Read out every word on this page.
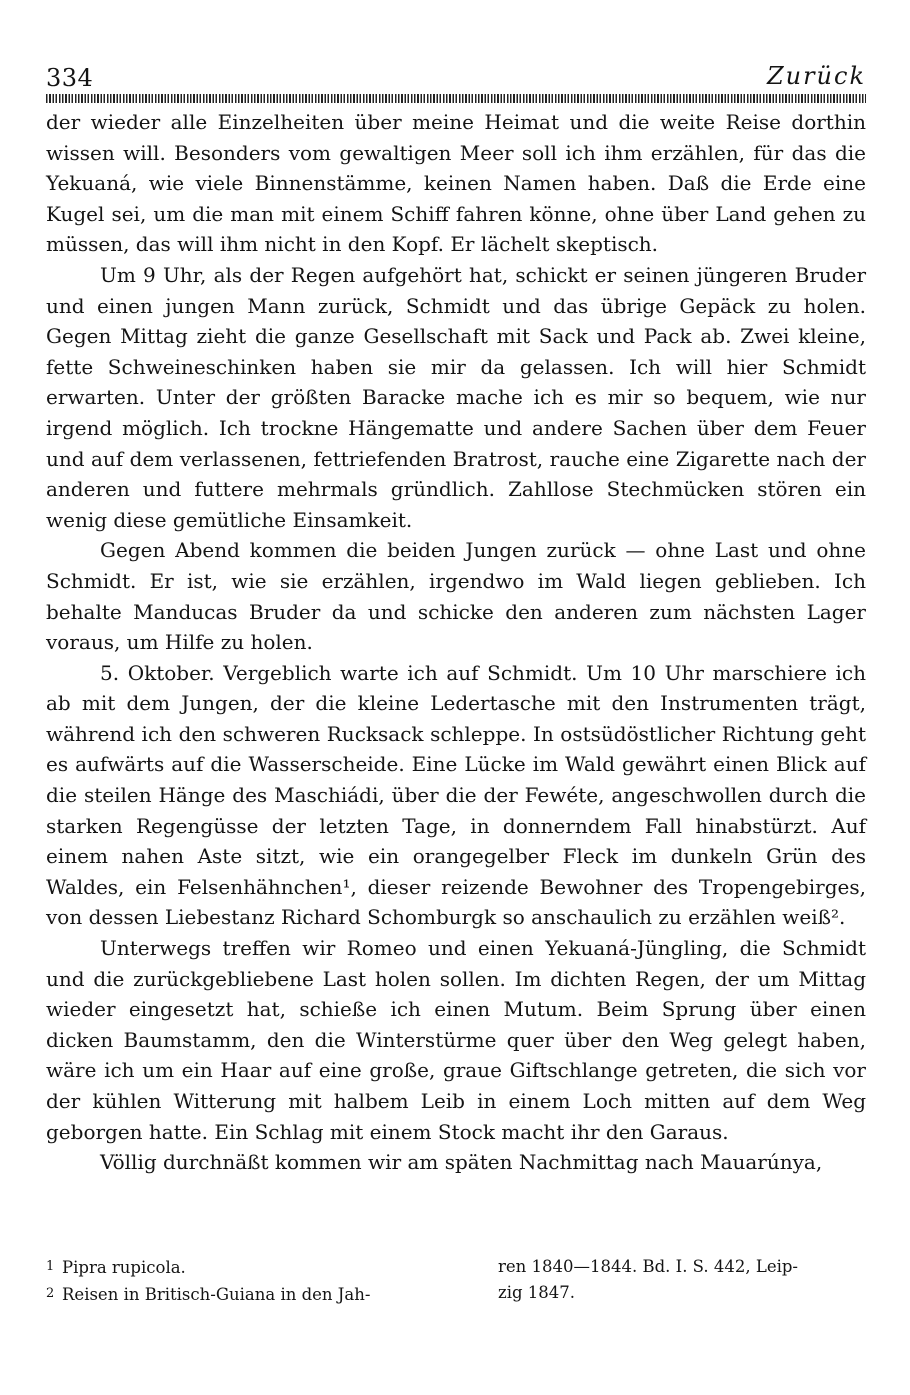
334	Zurück

der wieder alle Einzelheiten über meine Heimat und die weite Reise dorthin wissen will. Besonders vom gewaltigen Meer soll ich ihm erzählen, für das die Yekuaná, wie viele Binnenstämme, keinen Namen haben. Daß die Erde eine Kugel sei, um die man mit einem Schiff fahren könne, ohne über Land gehen zu müssen, das will ihm nicht in den Kopf. Er lächelt skeptisch.

Um 9 Uhr, als der Regen aufgehört hat, schickt er seinen jüngeren Bruder und einen jungen Mann zurück, Schmidt und das übrige Gepäck zu holen. Gegen Mittag zieht die ganze Gesellschaft mit Sack und Pack ab. Zwei kleine, fette Schweineschinken haben sie mir da gelassen. Ich will hier Schmidt erwarten. Unter der größten Baracke mache ich es mir so bequem, wie nur irgend möglich. Ich trockne Hängematte und andere Sachen über dem Feuer und auf dem verlassenen, fettriefenden Bratrost, rauche eine Zigarette nach der anderen und futtere mehrmals gründlich. Zahllose Stechmücken stören ein wenig diese gemütliche Einsamkeit.

Gegen Abend kommen die beiden Jungen zurück — ohne Last und ohne Schmidt. Er ist, wie sie erzählen, irgendwo im Wald liegen geblieben. Ich behalte Manducas Bruder da und schicke den anderen zum nächsten Lager voraus, um Hilfe zu holen.

5. Oktober. Vergeblich warte ich auf Schmidt. Um 10 Uhr marschiere ich ab mit dem Jungen, der die kleine Ledertasche mit den Instrumenten trägt, während ich den schweren Rucksack schleppe. In ostsüdöstlicher Richtung geht es aufwärts auf die Wasserscheide. Eine Lücke im Wald gewährt einen Blick auf die steilen Hänge des Maschiádi, über die der Fewéte, angeschwollen durch die starken Regengüsse der letzten Tage, in donnerndem Fall hinabstürzt. Auf einem nahen Aste sitzt, wie ein orangegelber Fleck im dunkeln Grün des Waldes, ein Felsenhähnchen¹, dieser reizende Bewohner des Tropengebirges, von dessen Liebestanz Richard Schomburgk so anschaulich zu erzählen weiß².

Unterwegs treffen wir Romeo und einen Yekuaná-Jüngling, die Schmidt und die zurückgebliebene Last holen sollen. Im dichten Regen, der um Mittag wieder eingesetzt hat, schieße ich einen Mutum. Beim Sprung über einen dicken Baumstamm, den die Winterstürme quer über den Weg gelegt haben, wäre ich um ein Haar auf eine große, graue Giftschlange getreten, die sich vor der kühlen Witterung mit halbem Leib in einem Loch mitten auf dem Weg geborgen hatte. Ein Schlag mit einem Stock macht ihr den Garaus.

Völlig durchnäßt kommen wir am späten Nachmittag nach Mauarúnya,

1 Pipra rupicola.

2 Reisen in Britisch-Guiana in den Jah-

ren 1840—1844. Bd. I. S. 442, Leip-

zig 1847.
